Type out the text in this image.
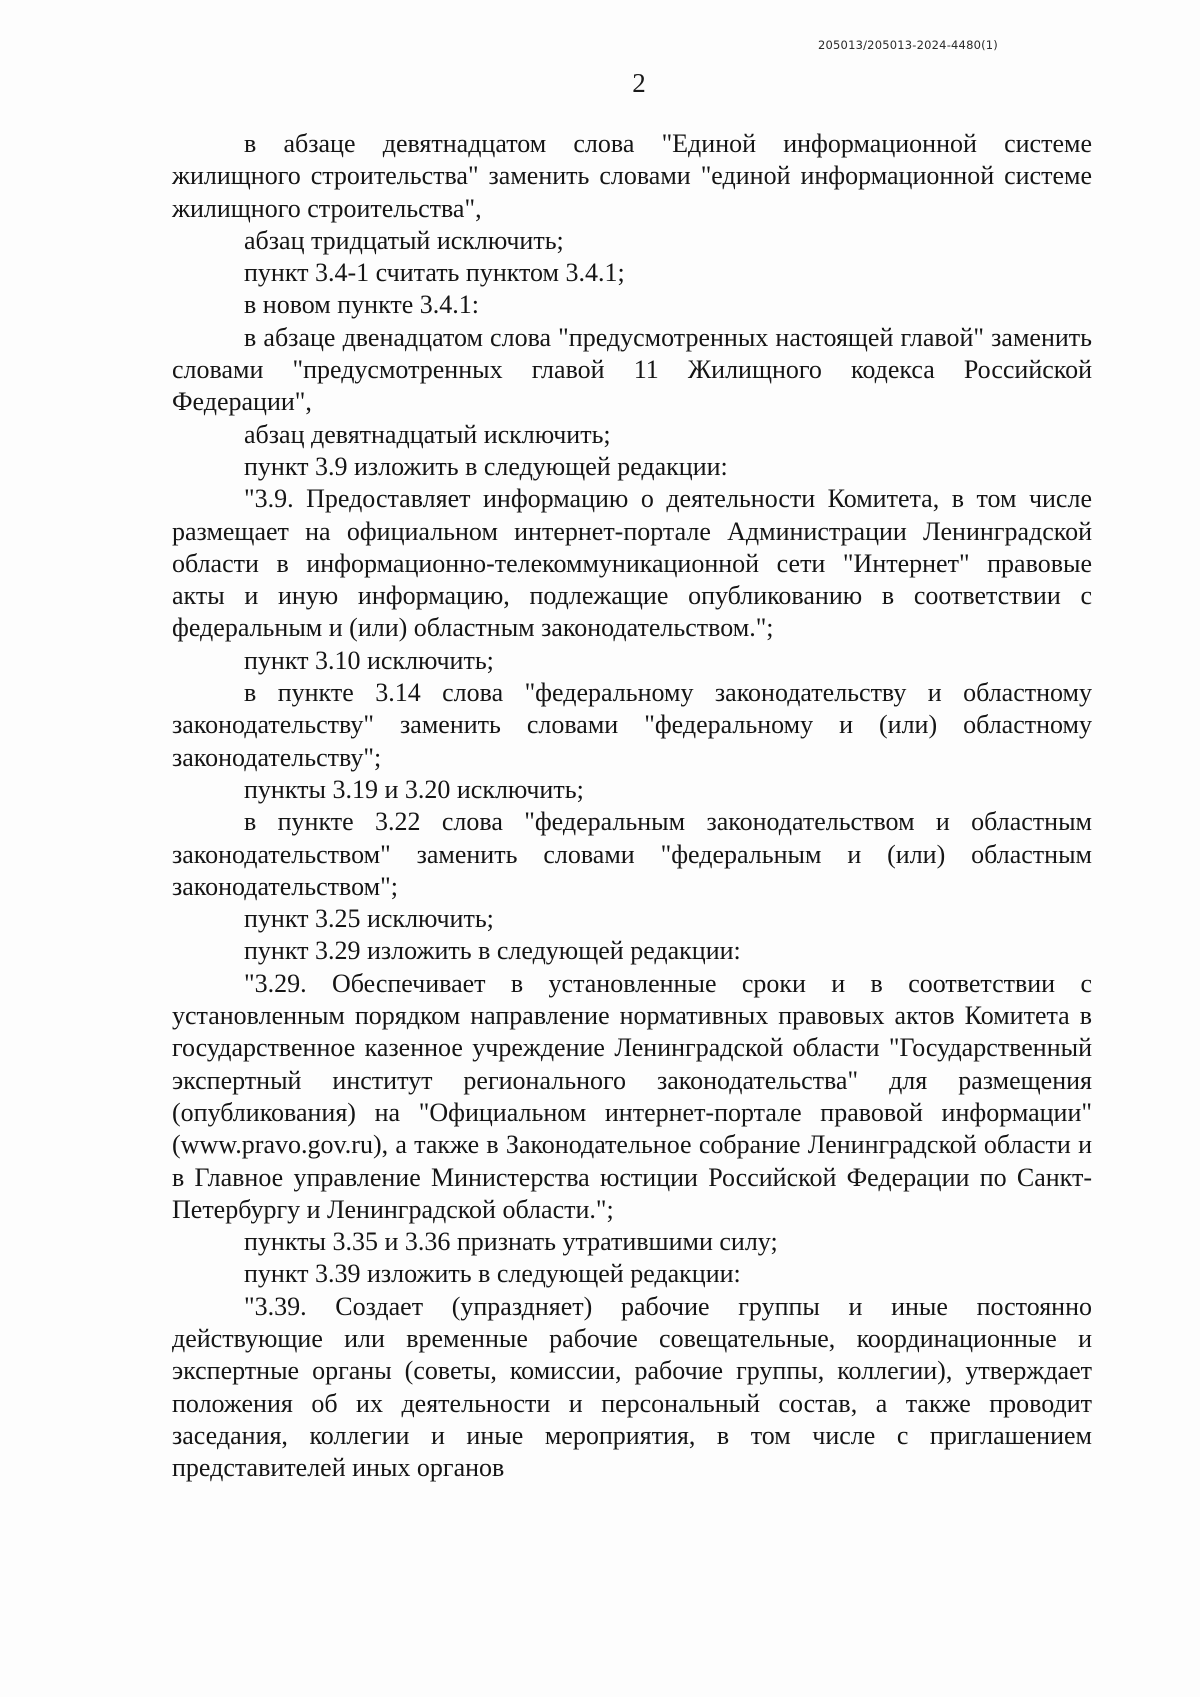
205013/205013-2024-4480(1)
2

в абзаце девятнадцатом слова "Единой информационной системе жилищного строительства" заменить словами "единой информационной системе жилищного строительства",

абзац тридцатый исключить;

пункт 3.4-1 считать пунктом 3.4.1;

в новом пункте 3.4.1:

в абзаце двенадцатом слова "предусмотренных настоящей главой" заменить словами "предусмотренных главой 11 Жилищного кодекса Российской Федерации",

абзац девятнадцатый исключить;

пункт 3.9 изложить в следующей редакции:

"3.9. Предоставляет информацию о деятельности Комитета, в том числе размещает на официальном интернет-портале Администрации Ленинградской области в информационно-телекоммуникационной сети "Интернет" правовые акты и иную информацию, подлежащие опубликованию в соответствии с федеральным и (или) областным законодательством.";

пункт 3.10 исключить;

в пункте 3.14 слова "федеральному законодательству и областному законодательству" заменить словами "федеральному и (или) областному законодательству";

пункты 3.19 и 3.20 исключить;

в пункте 3.22 слова "федеральным законодательством и областным законодательством" заменить словами "федеральным и (или) областным законодательством";

пункт 3.25 исключить;

пункт 3.29 изложить в следующей редакции:

"3.29. Обеспечивает в установленные сроки и в соответствии с установленным порядком направление нормативных правовых актов Комитета в государственное казенное учреждение Ленинградской области "Государственный экспертный институт регионального законодательства" для размещения (опубликования) на "Официальном интернет-портале правовой информации" (www.pravo.gov.ru), а также в Законодательное собрание Ленинградской области и в Главное управление Министерства юстиции Российской Федерации по Санкт-Петербургу и Ленинградской области.";

пункты 3.35 и 3.36 признать утратившими силу;

пункт 3.39 изложить в следующей редакции:

"3.39. Создает (упраздняет) рабочие группы и иные постоянно действующие или временные рабочие совещательные, координационные и экспертные органы (советы, комиссии, рабочие группы, коллегии), утверждает положения об их деятельности и персональный состав, а также проводит заседания, коллегии и иные мероприятия, в том числе с приглашением представителей иных органов
